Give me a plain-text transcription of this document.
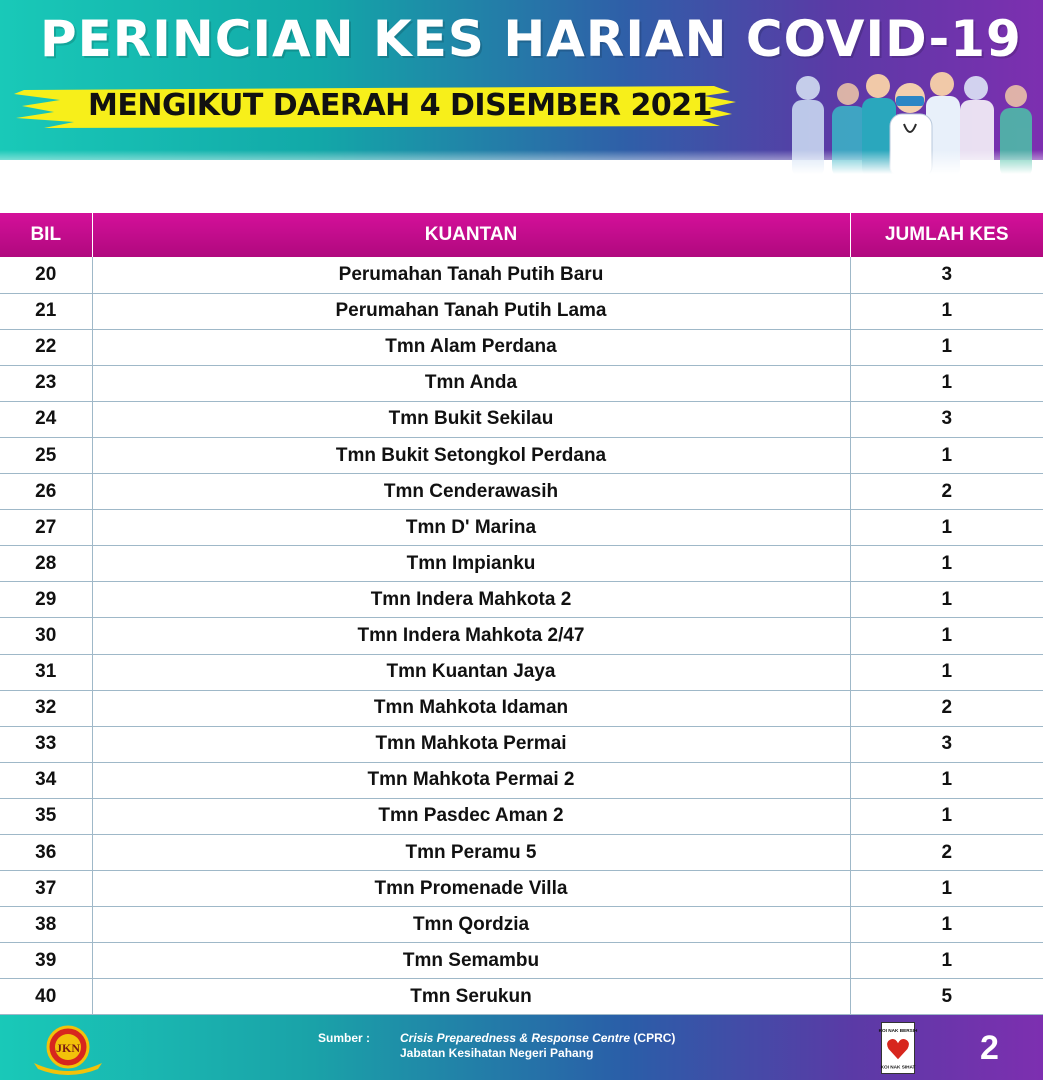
PERINCIAN KES HARIAN COVID-19
MENGIKUT DAERAH 4 DISEMBER 2021
BIL	KUANTAN	JUMLAH KES
20	Perumahan Tanah Putih Baru	3
21	Perumahan Tanah Putih Lama	1
22	Tmn Alam Perdana	1
23	Tmn Anda	1
24	Tmn Bukit Sekilau	3
25	Tmn Bukit Setongkol Perdana	1
26	Tmn Cenderawasih	2
27	Tmn D' Marina	1
28	Tmn Impianku	1
29	Tmn Indera Mahkota 2	1
30	Tmn Indera Mahkota 2/47	1
31	Tmn Kuantan Jaya	1
32	Tmn Mahkota Idaman	2
33	Tmn Mahkota Permai	3
34	Tmn Mahkota Permai 2	1
35	Tmn Pasdec Aman 2	1
36	Tmn Peramu 5	2
37	Tmn Promenade Villa	1
38	Tmn Qordzia	1
39	Tmn Semambu	1
40	Tmn Serukun	5
JKN
Sumber : Crisis Preparedness & Response Centre (CPRC)
Jabatan Kesihatan Negeri Pahang
KOI NAK BERSIH
KOI NAK SIHAT
2
